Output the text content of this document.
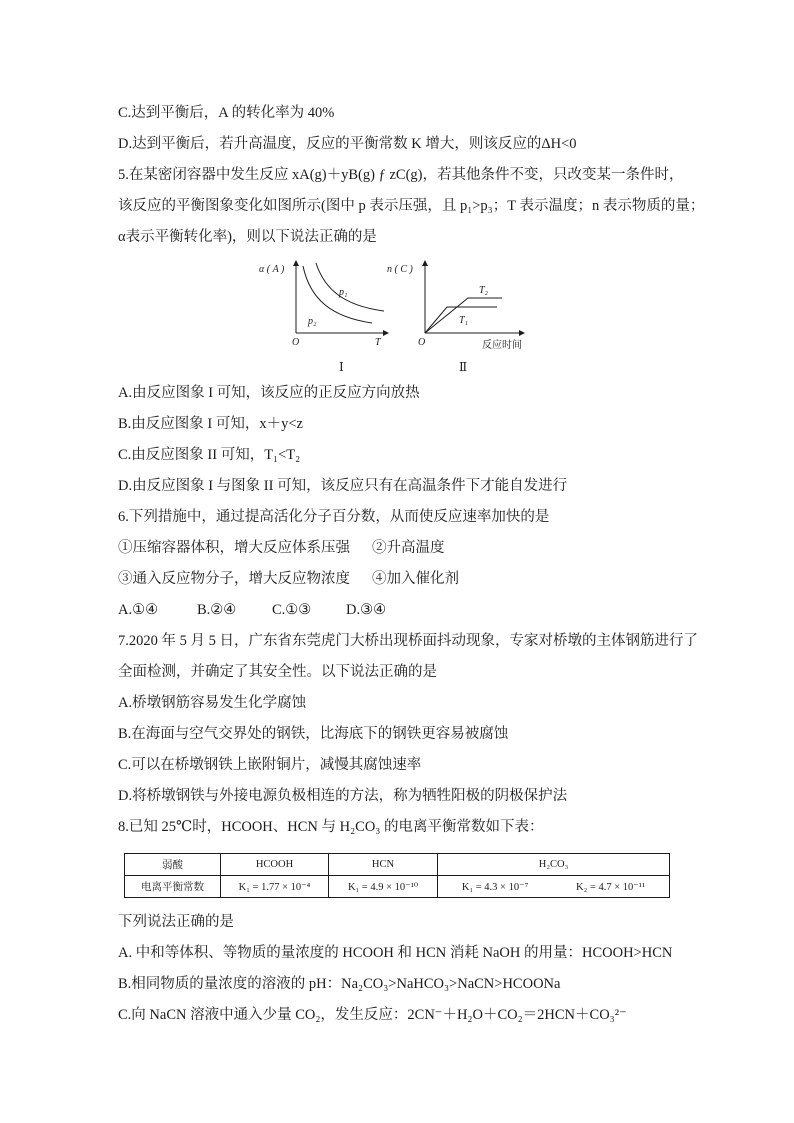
C.达到平衡后，A 的转化率为 40%
D.达到平衡后，若升高温度，反应的平衡常数 K 增大，则该反应的ΔH<0
5.在某密闭容器中发生反应 xA(g)＋yB(g) ƒ zC(g)，若其他条件不变，只改变某一条件时，
该反应的平衡图象变化如图所示(图中 p 表示压强，且 p₁>p₃；T 表示温度；n 表示物质的量；
α表示平衡转化率)，则以下说法正确的是
α ( A )
p₁
p₂
O	T
Ⅰ
n ( C )
T₂
T₁
O	反应时间
Ⅱ
A.由反应图象 I 可知，该反应的正反应方向放热
B.由反应图象 I 可知，x＋y<z
C.由反应图象 II 可知，T₁<T₂
D.由反应图象 I 与图象 II 可知，该反应只有在高温条件下才能自发进行
6.下列措施中，通过提高活化分子百分数，从而使反应速率加快的是
①压缩容器体积，增大反应体系压强 ②升高温度
③通入反应物分子，增大反应物浓度 ④加入催化剂
A.①④	B.②④ C.①③ D.③④
7.2020 年 5 月 5 日，广东省东莞虎门大桥出现桥面抖动现象，专家对桥墩的主体钢筋进行了
全面检测，并确定了其安全性。以下说法正确的是
A.桥墩钢筋容易发生化学腐蚀
B.在海面与空气交界处的钢铁，比海底下的钢铁更容易被腐蚀
C.可以在桥墩钢铁上嵌附铜片，减慢其腐蚀速率
D.将桥墩钢铁与外接电源负极相连的方法，称为牺牲阳极的阴极保护法
8.已知 25℃时，HCOOH、HCN 与 H₂CO₃ 的电离平衡常数如下表：
弱酸	HCOOH	HCN	H₂CO₃
电离平衡常数	K₁ = 1.77 × 10⁻⁴	K₁ = 4.9 × 10⁻¹⁰	K₁ = 4.3 × 10⁻⁷ K₂ = 4.7 × 10⁻¹¹
下列说法正确的是
A. 中和等体积、等物质的量浓度的 HCOOH 和 HCN 消耗 NaOH 的用量：HCOOH>HCN
B.相同物质的量浓度的溶液的 pH：Na₂CO₃>NaHCO₃>NaCN>HCOONa
C.向 NaCN 溶液中通入少量 CO₂，发生反应：2CN⁻＋H₂O＋CO₂＝2HCN＋CO₃²⁻
